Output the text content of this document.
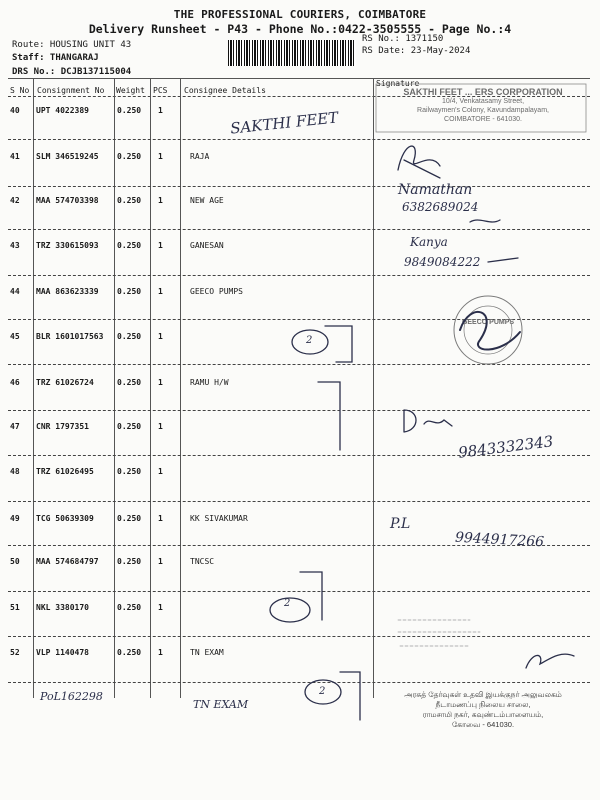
THE PROFESSIONAL COURIERS, COIMBATORE
Delivery Runsheet - P43 - Phone No.:0422-3505555 - Page No.:4
Route: HOUSING UNIT 43
Staff: THANGARAJ
DRS No.: DCJB137115004
RS No.: 1371150
RS Date: 23-May-2024
S No Consignment No Weight PCS Consignee Details
Signature
40 UPT 4022389	0.250 1
41 SLM 346519245 0.250 1	RAJA
42 MAA 574703398 0.250 1	NEW AGE
43 TRZ 330615093 0.250 1	GANESAN
44 MAA 863623339 0.250 1	GEECO PUMPS
45 BLR 1601017563 0.250 1
46 TRZ 61026724	0.250 1	RAMU H/W
47 CNR 1797351	0.250 1
48 TRZ 61026495	0.250 1
49 TCG 50639309	0.250 1	KK SIVAKUMAR
50 MAA 574684797 0.250 1	TNCSC
51 NKL 3380170	0.250 1
52 VLP 1140478	0.250 1	TN EXAM
SAKTHI FEET ... ERS CORPORATION
10/4, Venkatasamy Street,
Railwaymen's Colony, Kavundampalayam,
COIMBATORE - 641030.
GEECO PUMPS
அரசுத் தேர்வுகள் உதவி இயக்குநர் அலுவலகம்
நீடாமணப்பு நிலைய சாலை,
ராமசாமி நகர், கவுண்டம்பாளையம்,
கோவை - 641030.
SAKTHI FEET
Namathan
6382689024
Kanya
9849084222
9843332343
P.L
9944917266
PoL162298
TN EXAM
2
2
2
